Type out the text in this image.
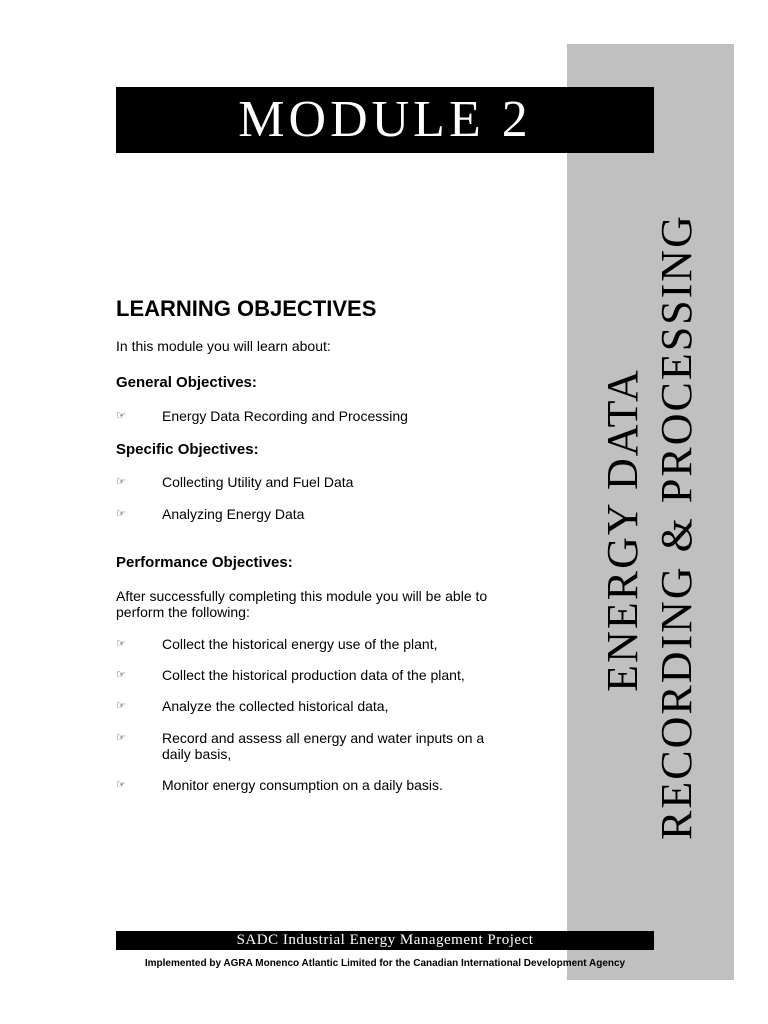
ENERGY DATA RECORDING & PROCESSING
MODULE 2
LEARNING OBJECTIVES
In this module you will learn about:
General Objectives:
☞	Energy Data Recording and Processing
Specific Objectives:
☞	Collecting Utility and Fuel Data
☞	Analyzing Energy Data
Performance Objectives:
After successfully completing this module you will be able to perform the following:
☞	Collect the historical energy use of the plant,
☞	Collect the historical production data of the plant,
☞	Analyze the collected historical data,
☞	Record and assess all energy and water inputs on a daily basis,
☞	Monitor energy consumption on a daily basis.
SADC Industrial Energy Management Project
Implemented by AGRA Monenco Atlantic Limited for the Canadian International Development Agency
